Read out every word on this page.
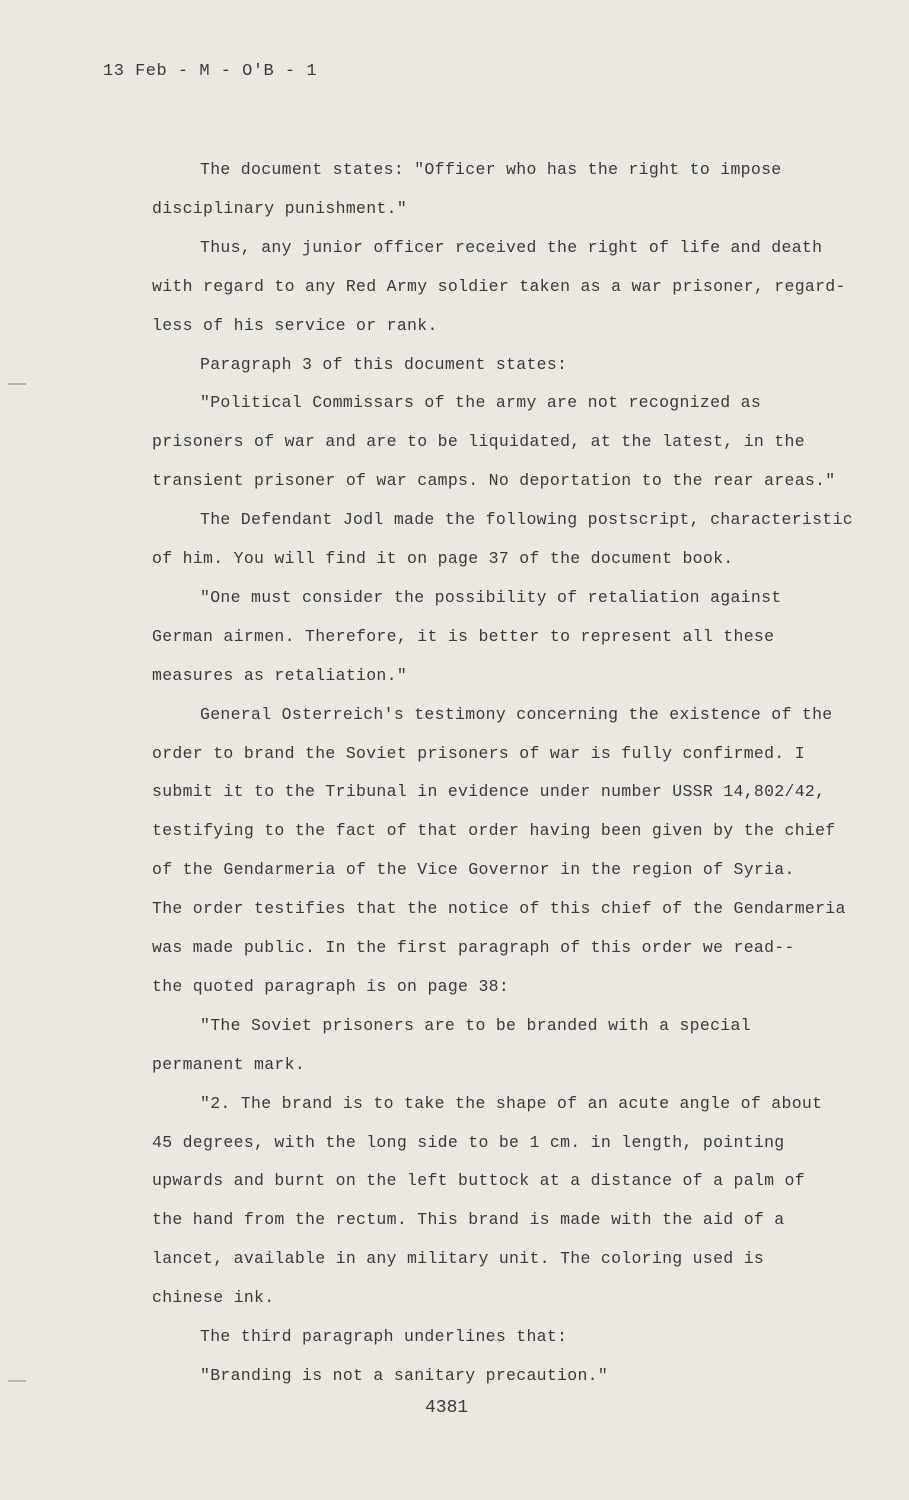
13 Feb - M - O'B - 1
The document states: "Officer who has the right to impose
disciplinary punishment."
Thus, any junior officer received the right of life and death
with regard to any Red Army soldier taken as a war prisoner, regard-
less of his service or rank.
Paragraph 3 of this document states:
"Political Commissars of the army are not recognized as
prisoners of war and are to be liquidated, at the latest, in the
transient prisoner of war camps. No deportation to the rear areas."
The Defendant Jodl made the following postscript, characteristic
of him. You will find it on page 37 of the document book.
"One must consider the possibility of retaliation against
German airmen. Therefore, it is better to represent all these
measures as retaliation."
General Osterreich's testimony concerning the existence of the
order to brand the Soviet prisoners of war is fully confirmed. I
submit it to the Tribunal in evidence under number USSR 14,802/42,
testifying to the fact of that order having been given by the chief
of the Gendarmeria of the Vice Governor in the region of Syria.
The order testifies that the notice of this chief of the Gendarmeria
was made public. In the first paragraph of this order we read--
the quoted paragraph is on page 38:
"The Soviet prisoners are to be branded with a special
permanent mark.
"2. The brand is to take the shape of an acute angle of about
45 degrees, with the long side to be 1 cm. in length, pointing
upwards and burnt on the left buttock at a distance of a palm of
the hand from the rectum. This brand is made with the aid of a
lancet, available in any military unit. The coloring used is
chinese ink.
The third paragraph underlines that:
"Branding is not a sanitary precaution."
4381
